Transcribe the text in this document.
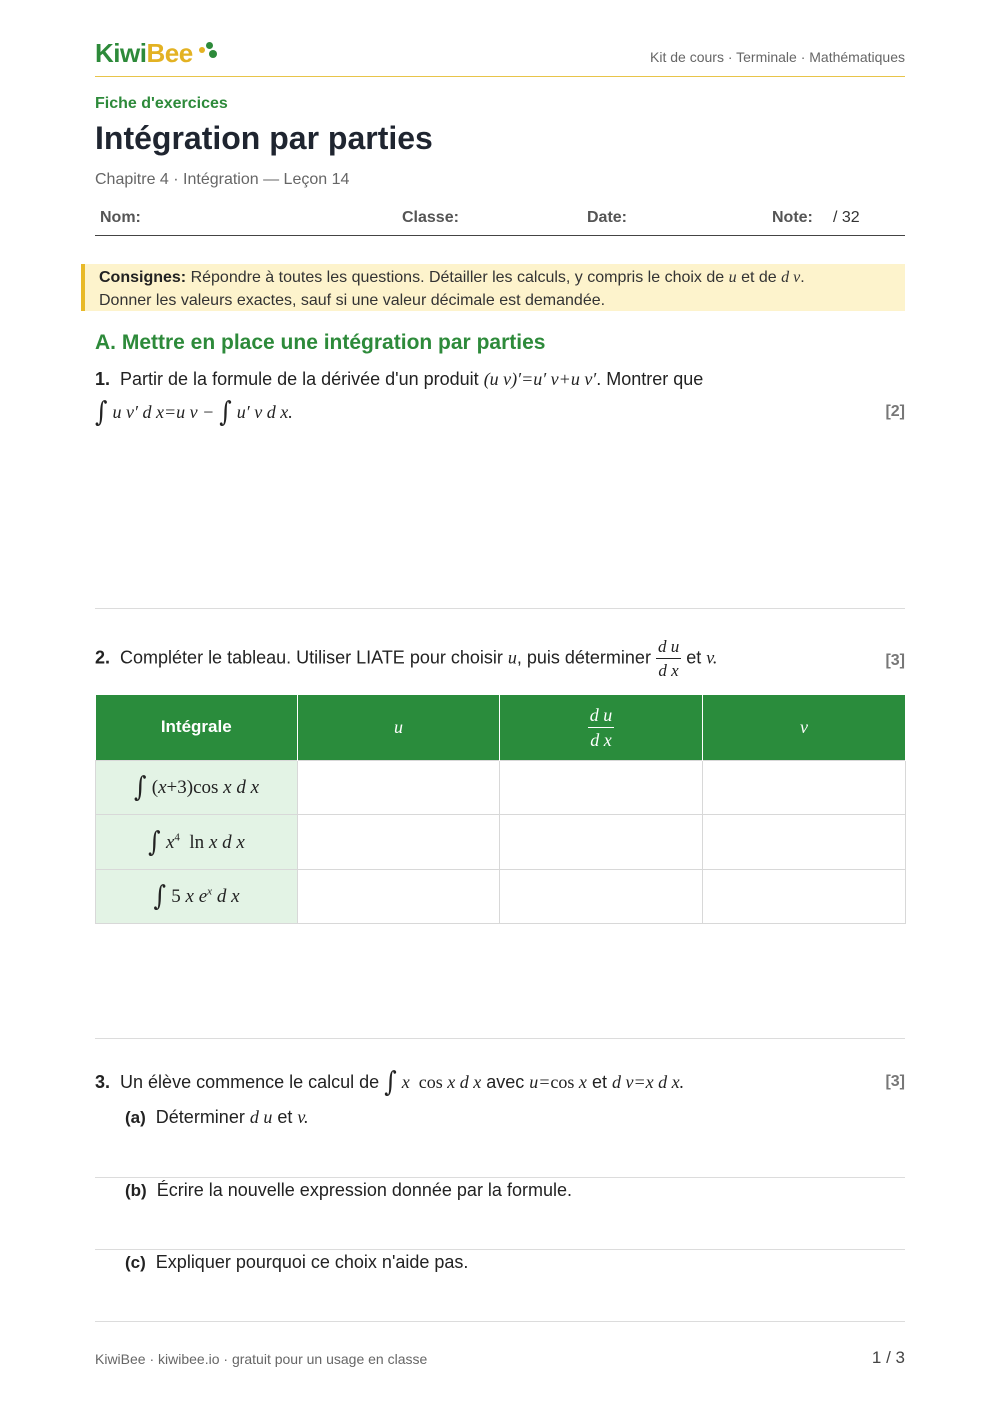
KiwiBee	Kit de cours · Terminale · Mathématiques
Fiche d'exercices
Intégration par parties
Chapitre 4 · Intégration — Leçon 14
Nom:	Classe:	Date:	Note: / 32
Consignes: Répondre à toutes les questions. Détailler les calculs, y compris le choix de u et de d v.
Donner les valeurs exactes, sauf si une valeur décimale est demandée.
A. Mettre en place une intégration par parties
1. Partir de la formule de la dérivée d'un produit (u v)′=u′ v+u v′. Montrer que
∫ u v′ d x=u v − ∫ u′ v d x.	[2]
2. Compléter le tableau. Utiliser LIATE pour choisir u, puis déterminer $\frac{\text{d u}}{\text{d x}}$ et v.	[3]
Intégrale	u	$\frac{\text{d u}}{\text{d x}}$	v
∫ (x+3)cos x d x			
∫ $x^4$ ln x d x			
∫ 5 x $e^x$ d x			
3. Un élève commence le calcul de ∫ x cos x d x avec u=cos x et d v=x d x.	[3]
(a) Déterminer d u et v.
(b) Écrire la nouvelle expression donnée par la formule.
(c) Expliquer pourquoi ce choix n'aide pas.
KiwiBee · kiwibee.io · gratuit pour un usage en classe	1 / 3
